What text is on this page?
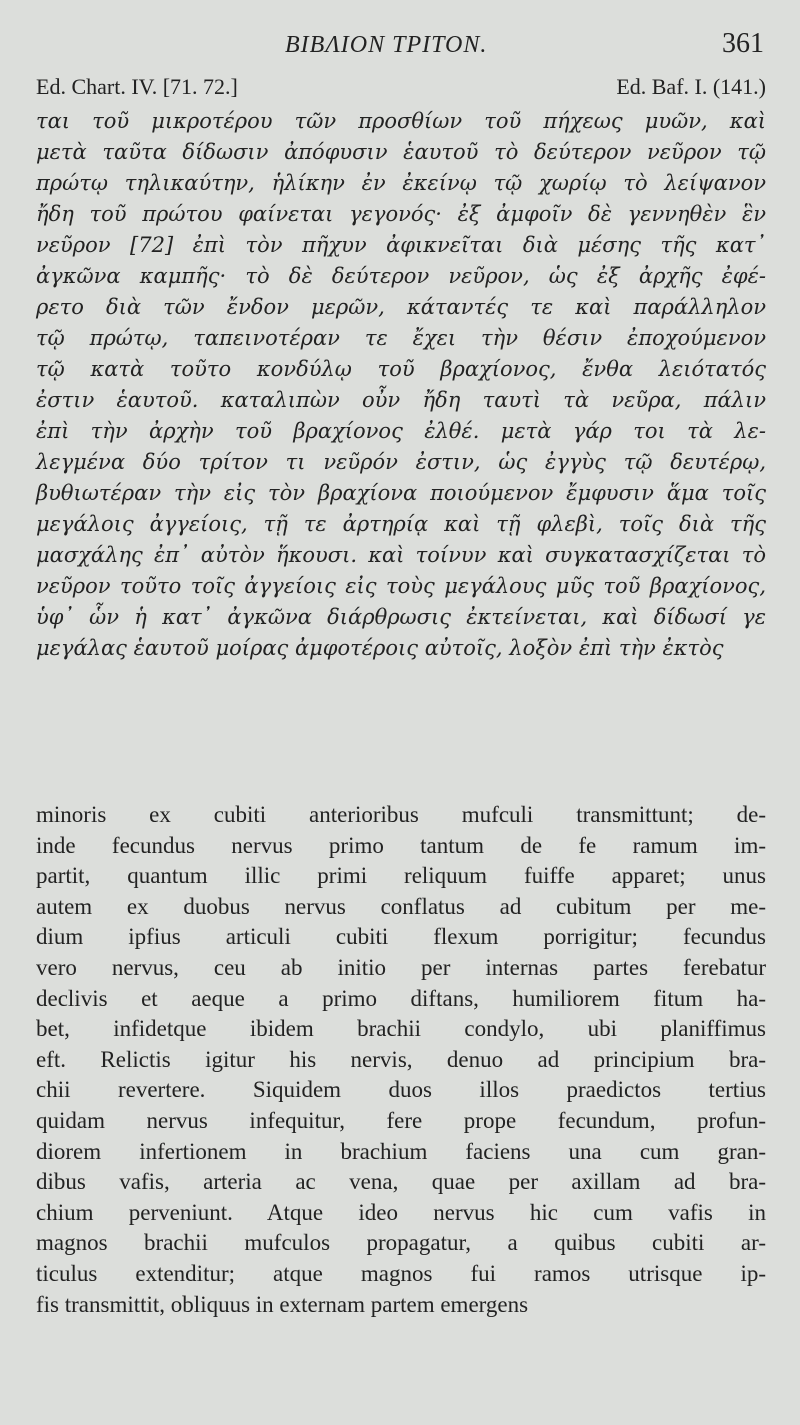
BIBΛION TPITON.	361
Ed. Chart. IV. [71. 72.]	Ed. Baf. I. (141.)
ται τοῦ μικροτέρου τῶν προσθίων τοῦ πήχεως μυῶν, καὶ
μετὰ ταῦτα δίδωσιν ἀπόφυσιν ἑαυτοῦ τὸ δεύτερον νεῦρον τῷ
πρώτῳ τηλικαύτην, ἡλίκην ἐν ἐκείνῳ τῷ χωρίῳ τὸ λείψανον
ἤδη τοῦ πρώτου φαίνεται γεγονός· ἐξ ἀμφοῖν δὲ γεννηθὲν ἓν
νεῦρον [72] ἐπὶ τὸν πῆχυν ἀφικνεῖται διὰ μέσης τῆς κατ᾽
ἀγκῶνα καμπῆς· τὸ δὲ δεύτερον νεῦρον, ὡς ἐξ ἀρχῆς ἐφέ-
ρετο διὰ τῶν ἔνδον μερῶν, κάταντές τε καὶ παράλληλον
τῷ πρώτῳ, ταπεινοτέραν τε ἔχει τὴν θέσιν ἐποχούμενον
τῷ κατὰ τοῦτο κονδύλῳ τοῦ βραχίονος, ἔνθα λειότατός
ἐστιν ἑαυτοῦ. καταλιπὼν οὖν ἤδη ταυτὶ τὰ νεῦρα, πάλιν
ἐπὶ τὴν ἀρχὴν τοῦ βραχίονος ἐλθέ. μετὰ γάρ τοι τὰ λε-
λεγμένα δύο τρίτον τι νεῦρόν ἐστιν, ὡς ἐγγὺς τῷ δευτέρῳ,
βυθιωτέραν τὴν εἰς τὸν βραχίονα ποιούμενον ἔμφυσιν ἅμα τοῖς
μεγάλοις ἀγγείοις, τῇ τε ἀρτηρίᾳ καὶ τῇ φλεβὶ, τοῖς διὰ τῆς
μασχάλης ἐπ᾽ αὐτὸν ἥκουσι. καὶ τοίνυν καὶ συγκατασχίζεται τὸ
νεῦρον τοῦτο τοῖς ἀγγείοις εἰς τοὺς μεγάλους μῦς τοῦ βραχίονος,
ὑφ᾽ ὧν ἡ κατ᾽ ἀγκῶνα διάρθρωσις ἐκτείνεται, καὶ δίδωσί γε
μεγάλας ἑαυτοῦ μοίρας ἀμφοτέροις αὐτοῖς, λοξὸν ἐπὶ τὴν ἐκτὸς
minoris ex cubiti anterioribus mufculi transmittunt; de-
inde fecundus nervus primo tantum de fe ramum im-
partit, quantum illic primi reliquum fuiffe apparet; unus
autem ex duobus nervus conflatus ad cubitum per me-
dium ipfius articuli cubiti flexum porrigitur; fecundus
vero nervus, ceu ab initio per internas partes ferebatur
declivis et aeque a primo diftans, humiliorem fitum ha-
bet, infidetque ibidem brachii condylo, ubi planiffimus
eft. Relictis igitur his nervis, denuo ad principium bra-
chii revertere. Siquidem duos illos praedictos tertius
quidam nervus infequitur, fere prope fecundum, profun-
diorem infertionem in brachium faciens una cum gran-
dibus vafis, arteria ac vena, quae per axillam ad bra-
chium perveniunt. Atque ideo nervus hic cum vafis in
magnos brachii mufculos propagatur, a quibus cubiti ar-
ticulus extenditur; atque magnos fui ramos utrisque ip-
fis transmittit, obliquus in externam partem emergens
